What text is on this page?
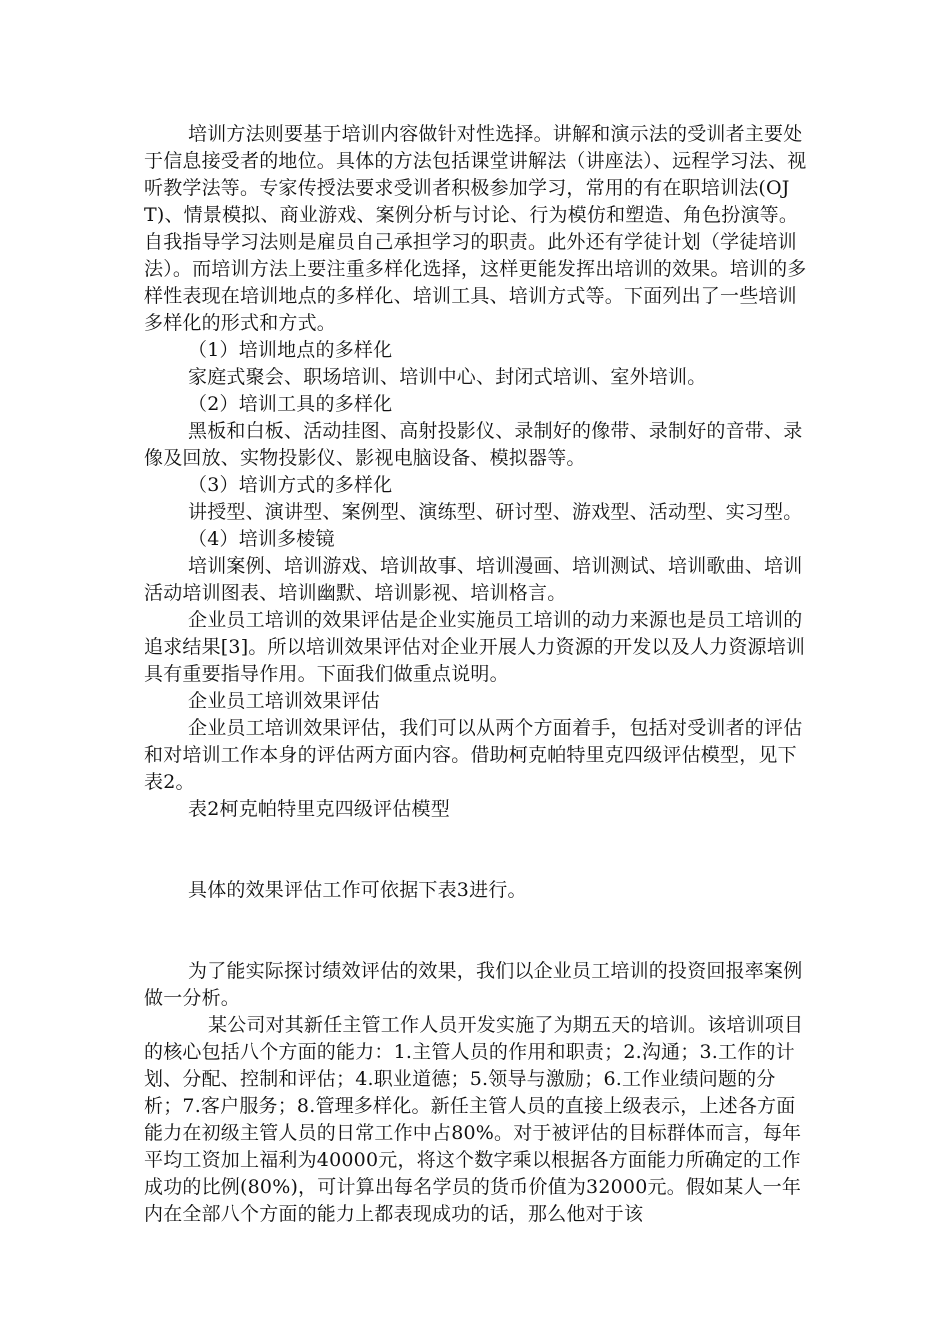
培训方法则要基于培训内容做针对性选择。讲解和演示法的受训者主要处于信息接受者的地位。具体的方法包括课堂讲解法（讲座法）、远程学习法、视听教学法等。专家传授法要求受训者积极参加学习，常用的有在职培训法(OJT)、情景模拟、商业游戏、案例分析与讨论、行为模仿和塑造、角色扮演等。自我指导学习法则是雇员自己承担学习的职责。此外还有学徒计划（学徒培训法）。而培训方法上要注重多样化选择，这样更能发挥出培训的效果。培训的多样性表现在培训地点的多样化、培训工具、培训方式等。下面列出了一些培训多样化的形式和方式。

（1）培训地点的多样化

家庭式聚会、职场培训、培训中心、封闭式培训、室外培训。

（2）培训工具的多样化

黑板和白板、活动挂图、高射投影仪、录制好的像带、录制好的音带、录像及回放、实物投影仪、影视电脑设备、模拟器等。

（3）培训方式的多样化

讲授型、演讲型、案例型、演练型、研讨型、游戏型、活动型、实习型。

（4）培训多棱镜

培训案例、培训游戏、培训故事、培训漫画、培训测试、培训歌曲、培训活动培训图表、培训幽默、培训影视、培训格言。

企业员工培训的效果评估是企业实施员工培训的动力来源也是员工培训的追求结果[3]。所以培训效果评估对企业开展人力资源的开发以及人力资源培训具有重要指导作用。下面我们做重点说明。

企业员工培训效果评估

企业员工培训效果评估，我们可以从两个方面着手，包括对受训者的评估和对培训工作本身的评估两方面内容。借助柯克帕特里克四级评估模型，见下表2。

表2柯克帕特里克四级评估模型

具体的效果评估工作可依据下表3进行。

为了能实际探讨绩效评估的效果，我们以企业员工培训的投资回报率案例做一分析。

某公司对其新任主管工作人员开发实施了为期五天的培训。该培训项目的核心包括八个方面的能力：1.主管人员的作用和职责；2.沟通；3.工作的计划、分配、控制和评估；4.职业道德；5.领导与激励；6.工作业绩问题的分析；7.客户服务；8.管理多样化。新任主管人员的直接上级表示，上述各方面能力在初级主管人员的日常工作中占80%。对于被评估的目标群体而言，每年平均工资加上福利为40000元，将这个数字乘以根据各方面能力所确定的工作成功的比例(80%)，可计算出每名学员的货币价值为32000元。假如某人一年内在全部八个方面的能力上都表现成功的话，那么他对于该
